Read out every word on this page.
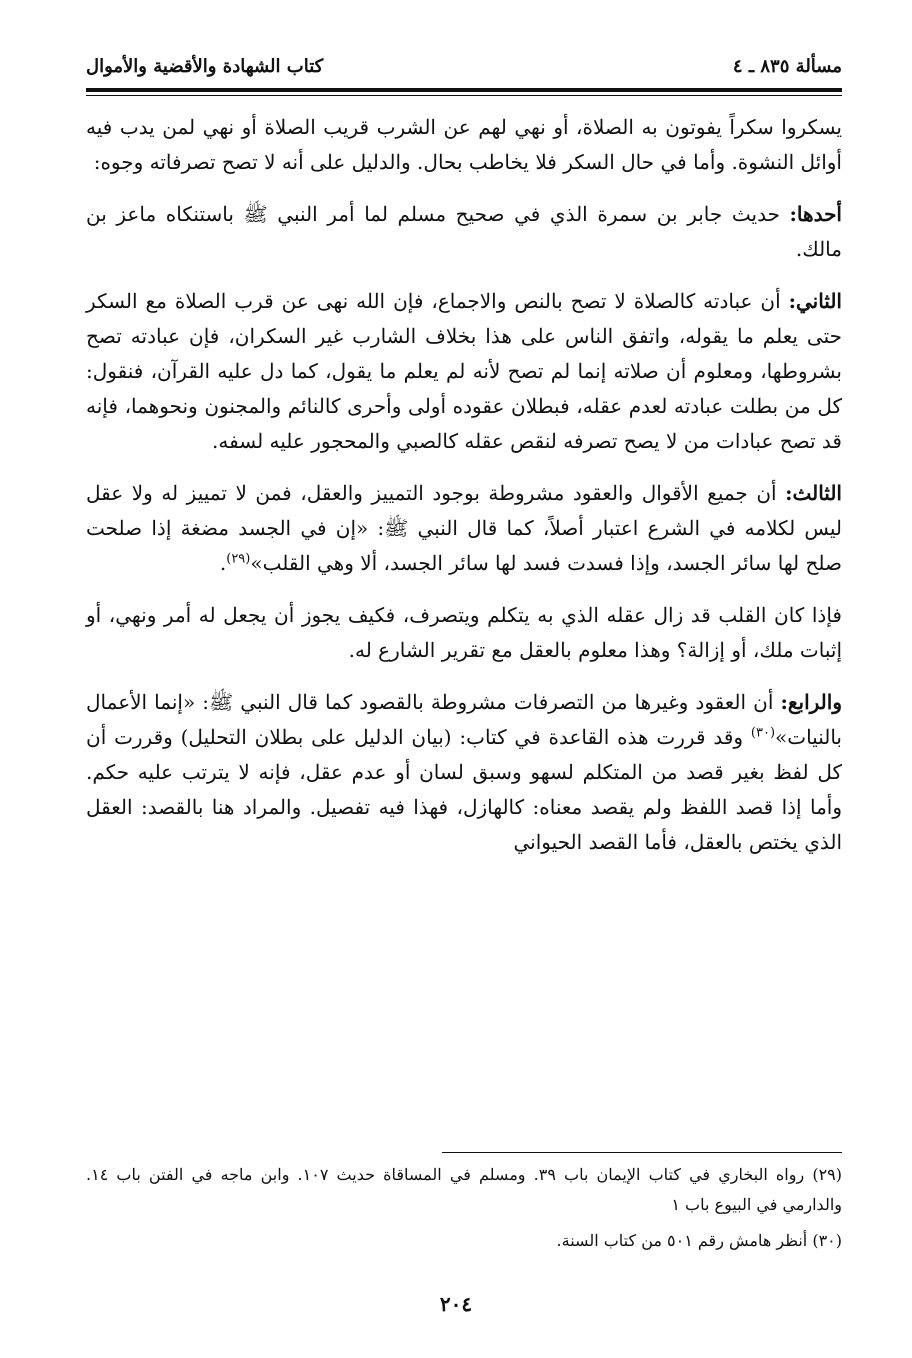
مسألة ٨٣٥ ـ ٤
كتاب الشهادة والأقضية والأموال

يسكروا سكراً يفوتون به الصلاة، أو نهي لهم عن الشرب قريب الصلاة أو نهي لمن يدب فيه أوائل النشوة. وأما في حال السكر فلا يخاطب بحال. والدليل على أنه لا تصح تصرفاته وجوه:

أحدها: حديث جابر بن سمرة الذي في صحيح مسلم لما أمر النبي ﷺ باستنكاه ماعز بن مالك.

الثاني: أن عبادته كالصلاة لا تصح بالنص والاجماع، فإن الله نهى عن قرب الصلاة مع السكر حتى يعلم ما يقوله، واتفق الناس على هذا بخلاف الشارب غير السكران، فإن عبادته تصح بشروطها، ومعلوم أن صلاته إنما لم تصح لأنه لم يعلم ما يقول، كما دل عليه القرآن، فنقول: كل من بطلت عبادته لعدم عقله، فبطلان عقوده أولى وأحرى كالنائم والمجنون ونحوهما، فإنه قد تصح عبادات من لا يصح تصرفه لنقص عقله كالصبي والمحجور عليه لسفه.

الثالث: أن جميع الأقوال والعقود مشروطة بوجود التمييز والعقل، فمن لا تمييز له ولا عقل ليس لكلامه في الشرع اعتبار أصلاً، كما قال النبي ﷺ: «إن في الجسد مضغة إذا صلحت صلح لها سائر الجسد، وإذا فسدت فسد لها سائر الجسد، ألا وهي القلب»$^{(٢٩)}$.

فإذا كان القلب قد زال عقله الذي به يتكلم ويتصرف، فكيف يجوز أن يجعل له أمر ونهي، أو إثبات ملك، أو إزالة؟ وهذا معلوم بالعقل مع تقرير الشارع له.

والرابع: أن العقود وغيرها من التصرفات مشروطة بالقصود كما قال النبي ﷺ: «إنما الأعمال بالنيات»$^{(٣٠)}$ وقد قررت هذه القاعدة في كتاب: (بيان الدليل على بطلان التحليل) وقررت أن كل لفظ بغير قصد من المتكلم لسهو وسبق لسان أو عدم عقل، فإنه لا يترتب عليه حكم. وأما إذا قصد اللفظ ولم يقصد معناه: كالهازل، فهذا فيه تفصيل. والمراد هنا بالقصد: العقل الذي يختص بالعقل، فأما القصد الحيواني

(٢٩) رواه البخاري في كتاب الإيمان باب ٣٩. ومسلم في المساقاة حديث ١٠٧. وابن ماجه في الفتن باب ١٤. والدارمي في البيوع باب ١

(٣٠) أنظر هامش رقم ٥٠١ من كتاب السنة.

٢٠٤
